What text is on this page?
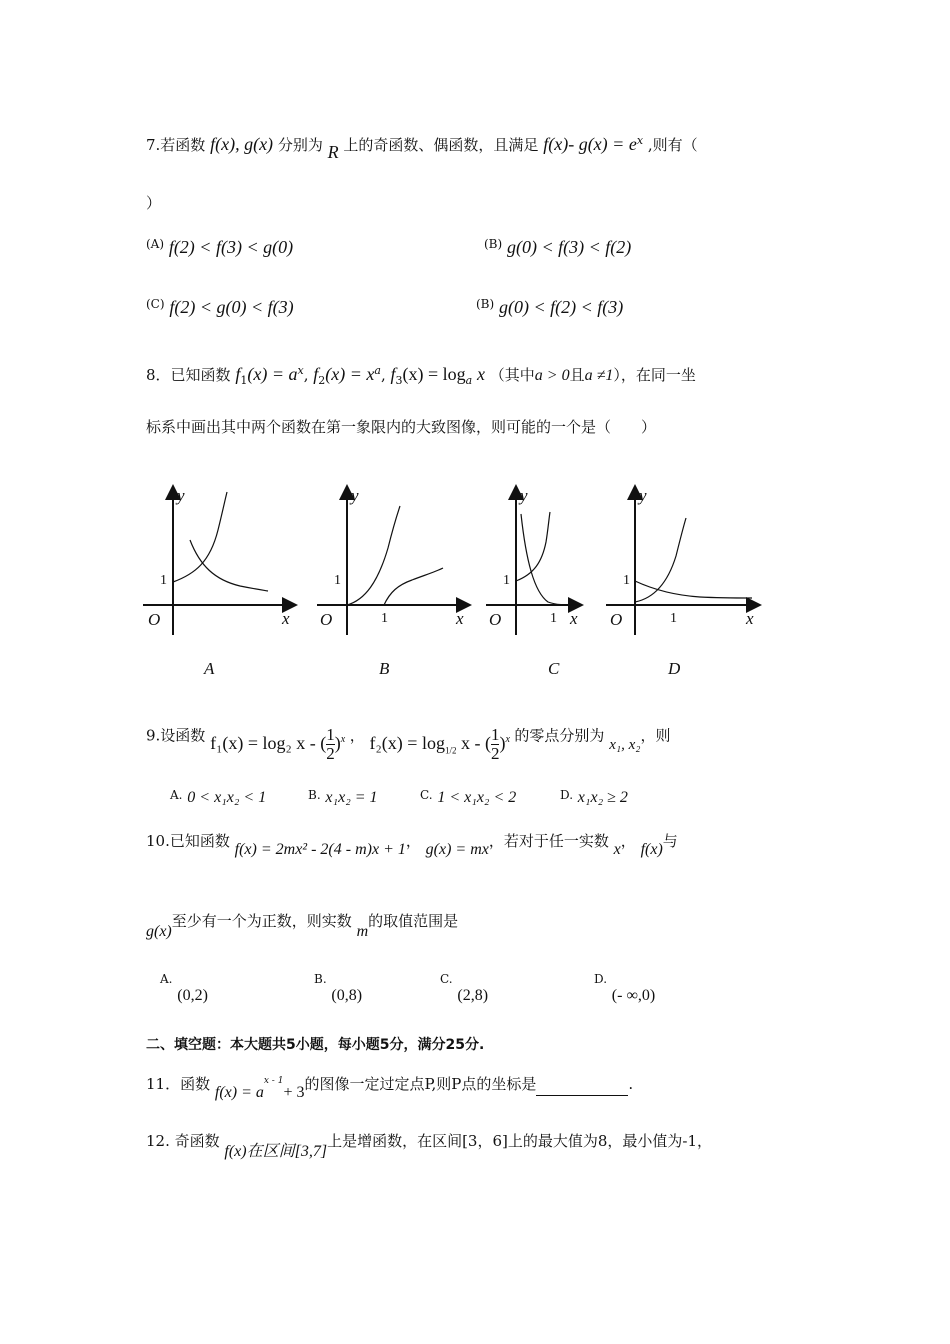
7.若函数 f(x), g(x) 分别为 R 上的奇函数、偶函数，且满足 f(x)- $g(x) = e^x$ ,则有（
）
$^{(A)}$ f(2) < f(3) < g(0)	$^{(B)}$ g(0) < f(3) < f(2)
$^{(C)}$ f(2) < g(0) < f(3)	$^{(B)}$ g(0) < f(2) < f(3)
8．已知函数 $f_1(x) = a^x$, $f_2(x) = x^a$, $f_3(x) = \log_a x$ （其中a > 0且a ≠1），在同一坐
标系中画出其中两个函数在第一象限内的大致图像，则可能的一个是（　　）
y
x
O
1
A
y
x
O
1
1
B
y
x
O
1
1
C
y
x
O
1
1
D
9.设函数 f₁(x) = log₂ x - ( $\frac{1}{2} )^x$ ， $f_2(x) = \log_{1/2} x$ - ( $\frac{1}{2} )^x$ 的零点分别为 x₁, x₂，则
$^{A.}$ 0 < x₁x₂ < 1	$^{B.}$ x₁x₂ = 1	$^{C.}$ 1 < x₁x₂ < 2	$^{D.}$ x₁x₂ ≥ 2
10.已知函数 f(x) = 2mx² - 2(4 - m)x + 1， g(x) = mx，若对于任一实数 x， f(x)与
g(x)至少有一个为正数，则实数 m的取值范围是
$^{A.}$ (0,2)
$^{B.}$ (0,8)
$^{C.}$ (2,8)
$^{D.}$ (- ∞,0)
二、填空题：本大题共5小题，每小题5分，满分25分.
11．函数 $f(x) = a^{x - 1}+ 3$的图像一定过定点P,则P点的坐标是	.
12. 奇函数 f(x)在区间[3,7]上是增函数，在区间[3，6]上的最大值为8，最小值为-1，
